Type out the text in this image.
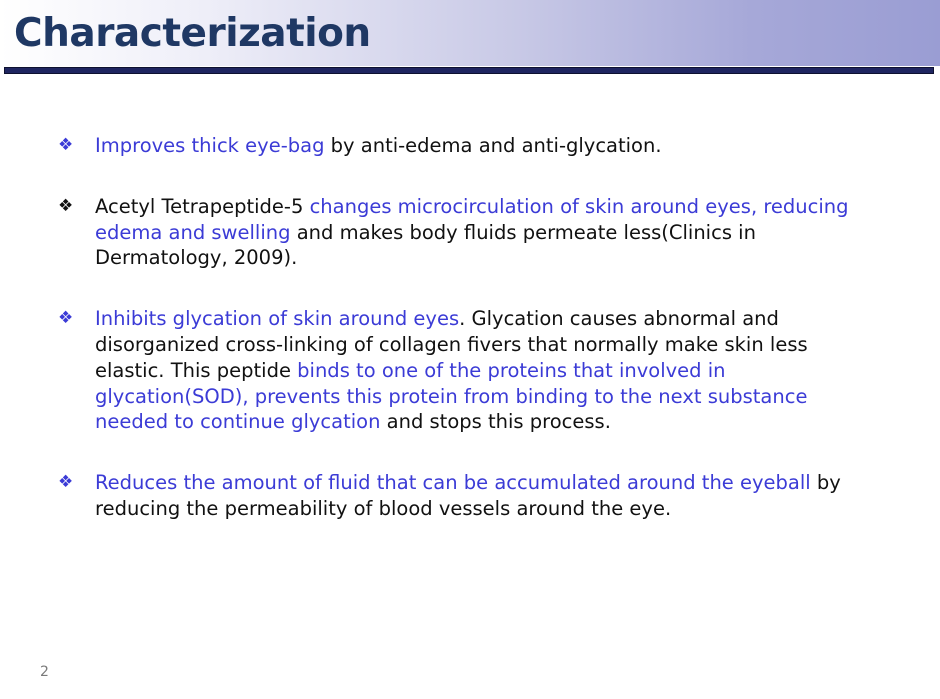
Characterization
❖ Improves thick eye-bag by anti-edema and anti-glycation.
❖ Acetyl Tetrapeptide-5 changes microcirculation of skin around eyes, reducing edema and swelling and makes body fluids permeate less(Clinics in Dermatology, 2009).
❖ Inhibits glycation of skin around eyes. Glycation causes abnormal and disorganized cross-linking of collagen fivers that normally make skin less elastic. This peptide binds to one of the proteins that involved in glycation(SOD), prevents this protein from binding to the next substance needed to continue glycation and stops this process.
❖ Reduces the amount of fluid that can be accumulated around the eyeball by reducing the permeability of blood vessels around the eye.
2
